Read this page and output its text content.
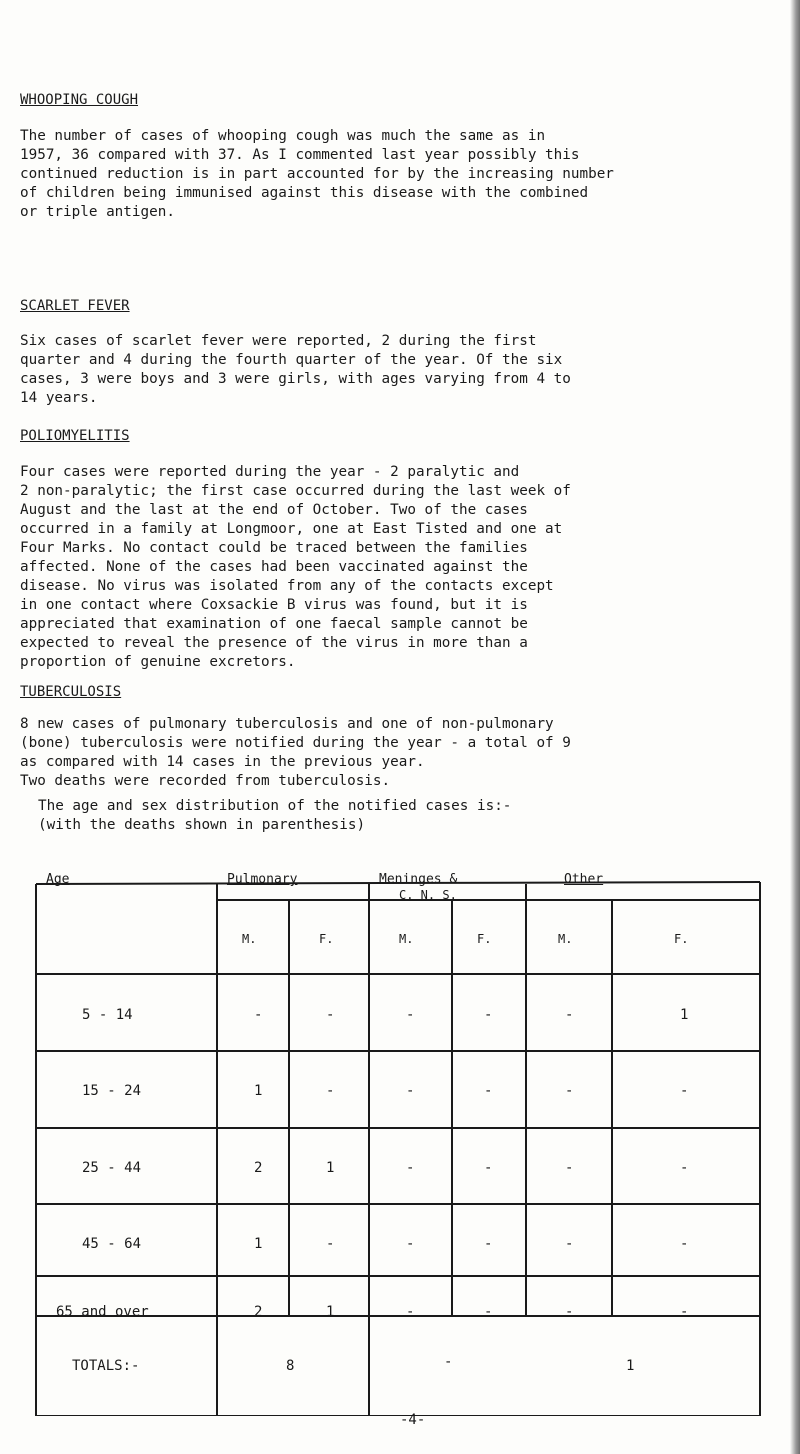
WHOOPING COUGH
The number of cases of whooping cough was much the same as in
1957, 36 compared with 37. As I commented last year possibly this
continued reduction is in part accounted for by the increasing number
of children being immunised against this disease with the combined
or triple antigen.
SCARLET FEVER
Six cases of scarlet fever were reported, 2 during the first
quarter and 4 during the fourth quarter of the year. Of the six
cases, 3 were boys and 3 were girls, with ages varying from 4 to
14 years.
POLIOMYELITIS
Four cases were reported during the year - 2 paralytic and
2 non-paralytic; the first case occurred during the last week of
August and the last at the end of October. Two of the cases
occurred in a family at Longmoor, one at East Tisted and one at
Four Marks. No contact could be traced between the families
affected. None of the cases had been vaccinated against the
disease. No virus was isolated from any of the contacts except
in one contact where Coxsackie B virus was found, but it is
appreciated that examination of one faecal sample cannot be
expected to reveal the presence of the virus in more than a
proportion of genuine excretors.
TUBERCULOSIS
8 new cases of pulmonary tuberculosis and one of non-pulmonary
(bone) tuberculosis were notified during the year - a total of 9
as compared with 14 cases in the previous year.
Two deaths were recorded from tuberculosis.
The age and sex distribution of the notified cases is:-
(with the deaths shown in parenthesis)
Age	Pulmonary	Meninges &
C. N. S.
Other
M.	F.	M.	F.	M.	F.
5 - 14	-	-	-	-	-	1
15 - 24	1	-	-	-	-	-
25 - 44	2	1	-	-	-	-
45 - 64	1	-	-	-	-	-
65 and over	2	1	-	-	-	-
TOTALS:-	8	-	1
-4-
